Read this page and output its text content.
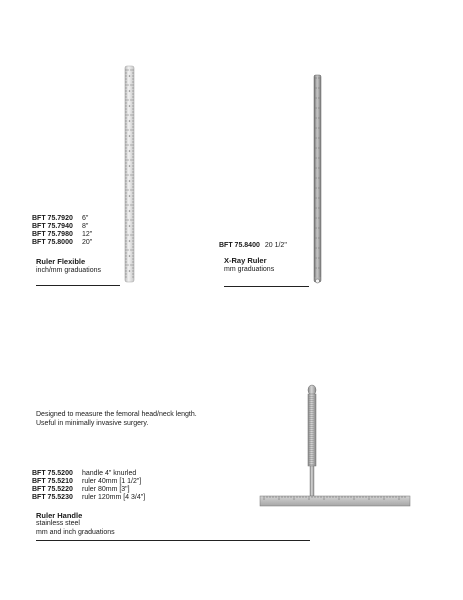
BFT 75.7920 6"
BFT 75.7940 8"
BFT 75.7980 12"
BFT 75.8000 20"
Ruler Flexible
inch/mm graduations
BFT 75.8400 20 1/2"
X-Ray Ruler
mm graduations
Designed to measure the femoral head/neck length.
Useful in minimally invasive surgery.
BFT 75.5200 handle 4" knurled
BFT 75.5210 ruler 40mm [1 1/2"]
BFT 75.5220 ruler 80mm [3"]
BFT 75.5230 ruler 120mm [4 3/4"]
Ruler Handle
stainless steel
mm and inch graduations
